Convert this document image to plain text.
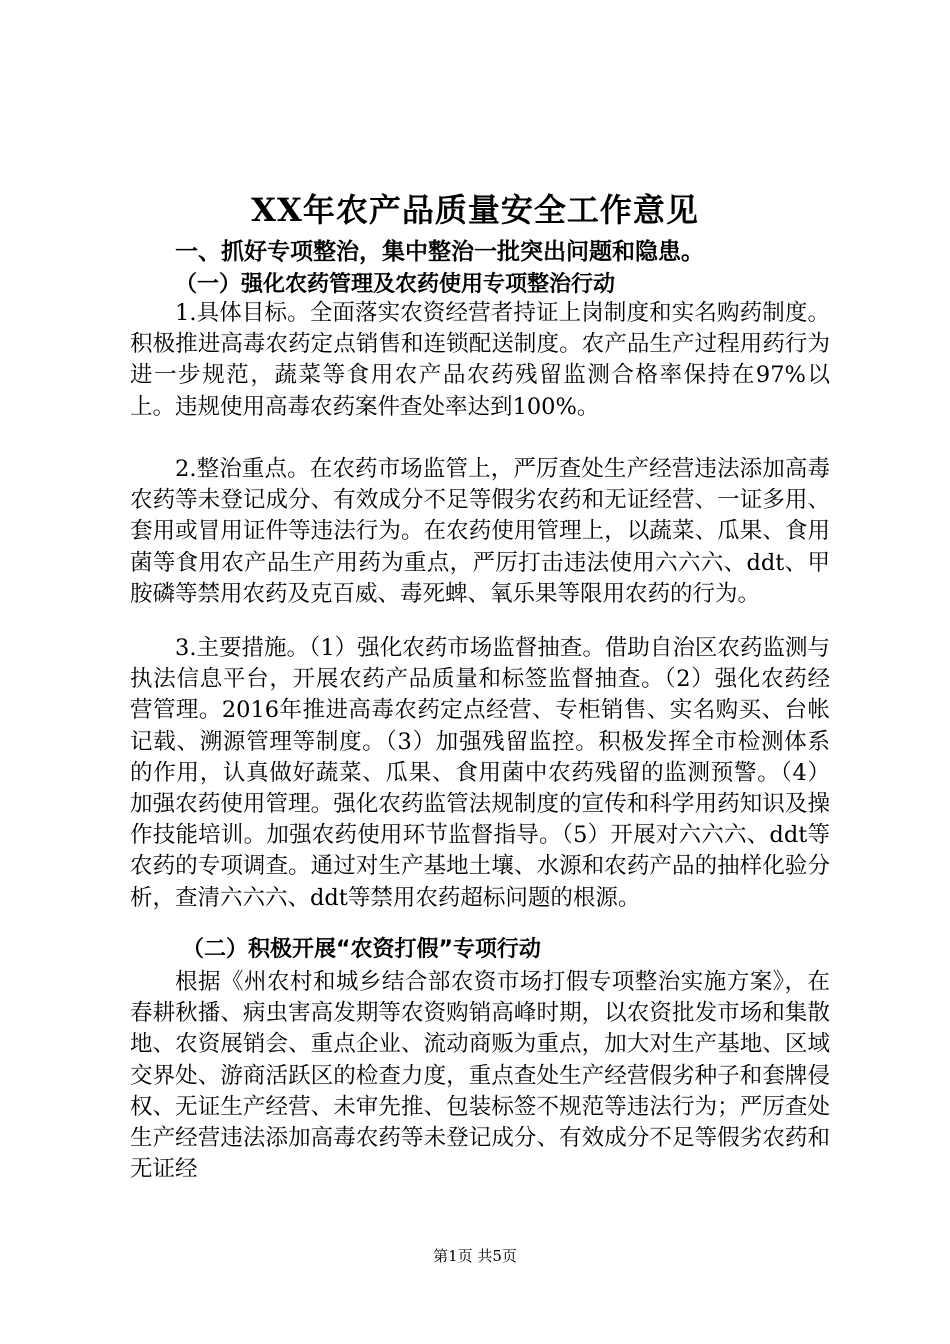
XX年农产品质量安全工作意见
一、抓好专项整治，集中整治一批突出问题和隐患。
（一）强化农药管理及农药使用专项整治行动

1.具体目标。全面落实农资经营者持证上岗制度和实名购药制度。积极推进高毒农药定点销售和连锁配送制度。农产品生产过程用药行为进一步规范，蔬菜等食用农产品农药残留监测合格率保持在97%以上。违规使用高毒农药案件查处率达到100%。

2.整治重点。在农药市场监管上，严厉查处生产经营违法添加高毒农药等未登记成分、有效成分不足等假劣农药和无证经营、一证多用、套用或冒用证件等违法行为。在农药使用管理上，以蔬菜、瓜果、食用菌等食用农产品生产用药为重点，严厉打击违法使用六六六、ddt、甲胺磷等禁用农药及克百威、毒死蜱、氧乐果等限用农药的行为。

3.主要措施。（1）强化农药市场监督抽查。借助自治区农药监测与执法信息平台，开展农药产品质量和标签监督抽查。（2）强化农药经营管理。2016年推进高毒农药定点经营、专柜销售、实名购买、台帐记载、溯源管理等制度。（3）加强残留监控。积极发挥全市检测体系的作用，认真做好蔬菜、瓜果、食用菌中农药残留的监测预警。（4）加强农药使用管理。强化农药监管法规制度的宣传和科学用药知识及操作技能培训。加强农药使用环节监督指导。（5）开展对六六六、ddt等农药的专项调查。通过对生产基地土壤、水源和农药产品的抽样化验分析，查清六六六、ddt等禁用农药超标问题的根源。

（二）积极开展“农资打假”专项行动

根据《州农村和城乡结合部农资市场打假专项整治实施方案》，在春耕秋播、病虫害高发期等农资购销高峰时期，以农资批发市场和集散地、农资展销会、重点企业、流动商贩为重点，加大对生产基地、区域交界处、游商活跃区的检查力度，重点查处生产经营假劣种子和套牌侵权、无证生产经营、未审先推、包装标签不规范等违法行为；严厉查处生产经营违法添加高毒农药等未登记成分、有效成分不足等假劣农药和无证经

第1页 共5页
